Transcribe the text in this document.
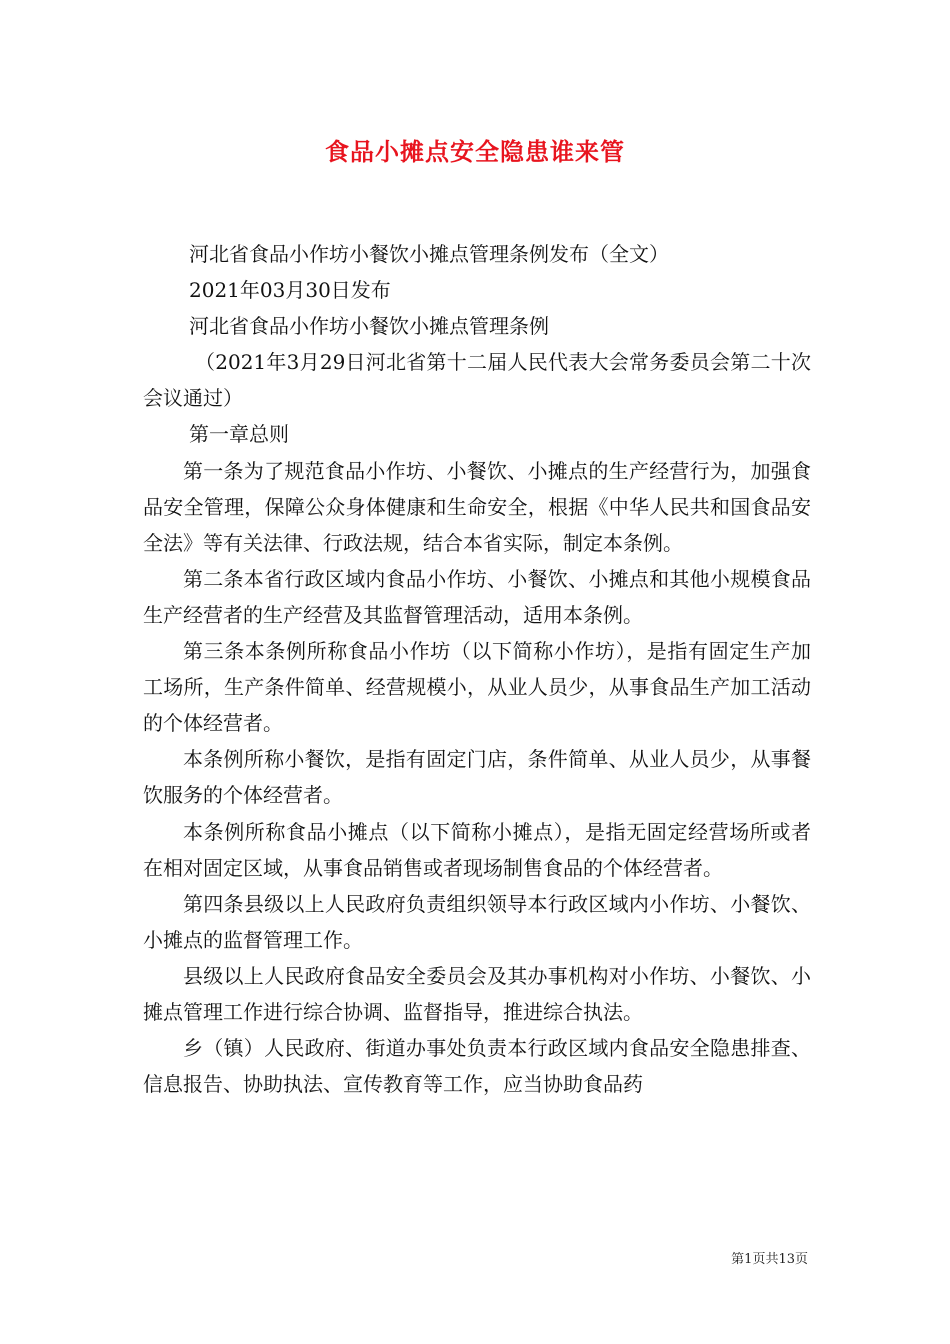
食品小摊点安全隐患谁来管

河北省食品小作坊小餐饮小摊点管理条例发布（全文）

2021年03月30日发布

河北省食品小作坊小餐饮小摊点管理条例

（2021年3月29日河北省第十二届人民代表大会常务委员会第二十次会议通过）

第一章总则

第一条为了规范食品小作坊、小餐饮、小摊点的生产经营行为，加强食品安全管理，保障公众身体健康和生命安全，根据《中华人民共和国食品安全法》等有关法律、行政法规，结合本省实际，制定本条例。

第二条本省行政区域内食品小作坊、小餐饮、小摊点和其他小规模食品生产经营者的生产经营及其监督管理活动，适用本条例。

第三条本条例所称食品小作坊（以下简称小作坊），是指有固定生产加工场所，生产条件简单、经营规模小，从业人员少，从事食品生产加工活动的个体经营者。

本条例所称小餐饮，是指有固定门店，条件简单、从业人员少，从事餐饮服务的个体经营者。

本条例所称食品小摊点（以下简称小摊点），是指无固定经营场所或者在相对固定区域，从事食品销售或者现场制售食品的个体经营者。

第四条县级以上人民政府负责组织领导本行政区域内小作坊、小餐饮、小摊点的监督管理工作。

县级以上人民政府食品安全委员会及其办事机构对小作坊、小餐饮、小摊点管理工作进行综合协调、监督指导，推进综合执法。

乡（镇）人民政府、街道办事处负责本行政区域内食品安全隐患排查、信息报告、协助执法、宣传教育等工作，应当协助食品药

第1页共13页
